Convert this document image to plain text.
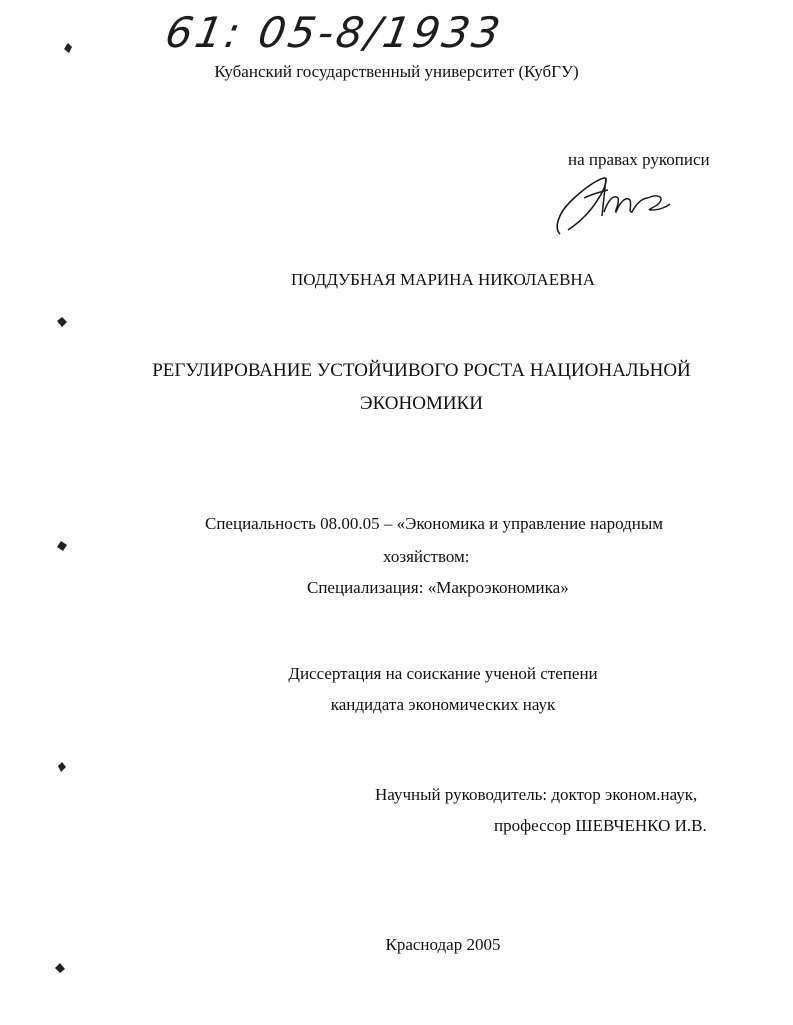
61: 05-8/1933
Кубанский государственный университет (КубГУ)
на правах рукописи
ПОДДУБНАЯ МАРИНА НИКОЛАЕВНА
РЕГУЛИРОВАНИЕ УСТОЙЧИВОГО РОСТА НАЦИОНАЛЬНОЙ
ЭКОНОМИКИ
Специальность 08.00.05 – «Экономика и управление народным
хозяйством:
Специализация: «Макроэкономика»
Диссертация на соискание ученой степени
кандидата экономических наук
Научный руководитель: доктор эконом.наук,
профессор ШЕВЧЕНКО И.В.
Краснодар 2005
